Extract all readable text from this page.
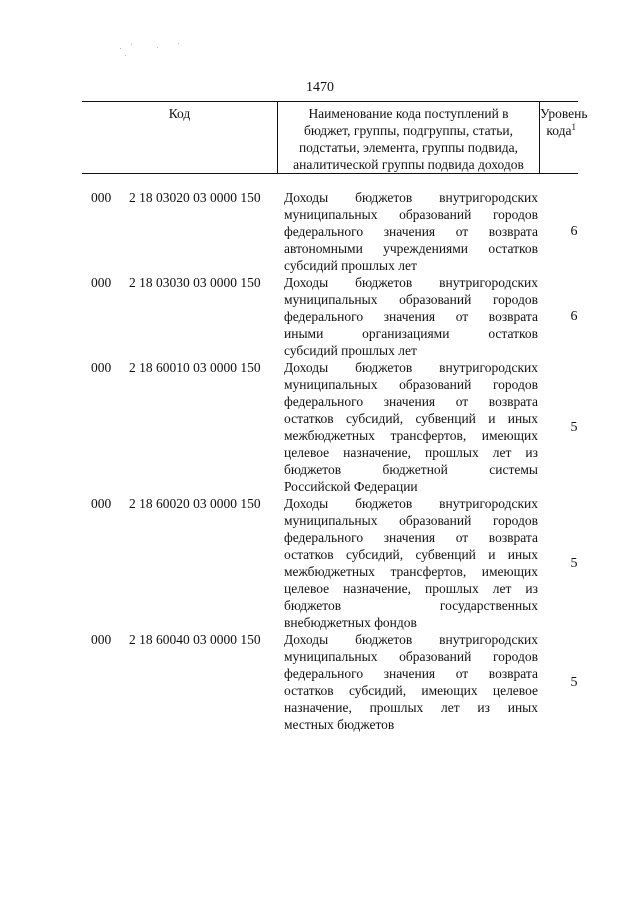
1470
Код	Наименование кода поступлений в
бюджет, группы, подгруппы, статьи,
подстатьи, элемента, группы подвида,
аналитической группы подвида доходов
Уровень
кода$^1$
000 2 18 03020 03 0000 150 Доходы бюджетов внутригородских
муниципальных образований городов
федерального значения от возврата
автономными учреждениями остатков
субсидий прошлых лет
6
000 2 18 03030 03 0000 150 Доходы бюджетов внутригородских
муниципальных образований городов
федерального значения от возврата
иными организациями остатков
субсидий прошлых лет
6
000 2 18 60010 03 0000 150 Доходы бюджетов внутригородских
муниципальных образований городов
федерального значения от возврата
остатков субсидий, субвенций и иных
межбюджетных трансфертов, имеющих
целевое назначение, прошлых лет из
бюджетов бюджетной системы
Российской Федерации
5
000 2 18 60020 03 0000 150 Доходы бюджетов внутригородских
муниципальных образований городов
федерального значения от возврата
остатков субсидий, субвенций и иных
межбюджетных трансфертов, имеющих
целевое назначение, прошлых лет из
бюджетов государственных
внебюджетных фондов
5
000 2 18 60040 03 0000 150 Доходы бюджетов внутригородских
муниципальных образований городов
федерального значения от возврата
остатков субсидий, имеющих целевое
назначение, прошлых лет из иных
местных бюджетов
5
